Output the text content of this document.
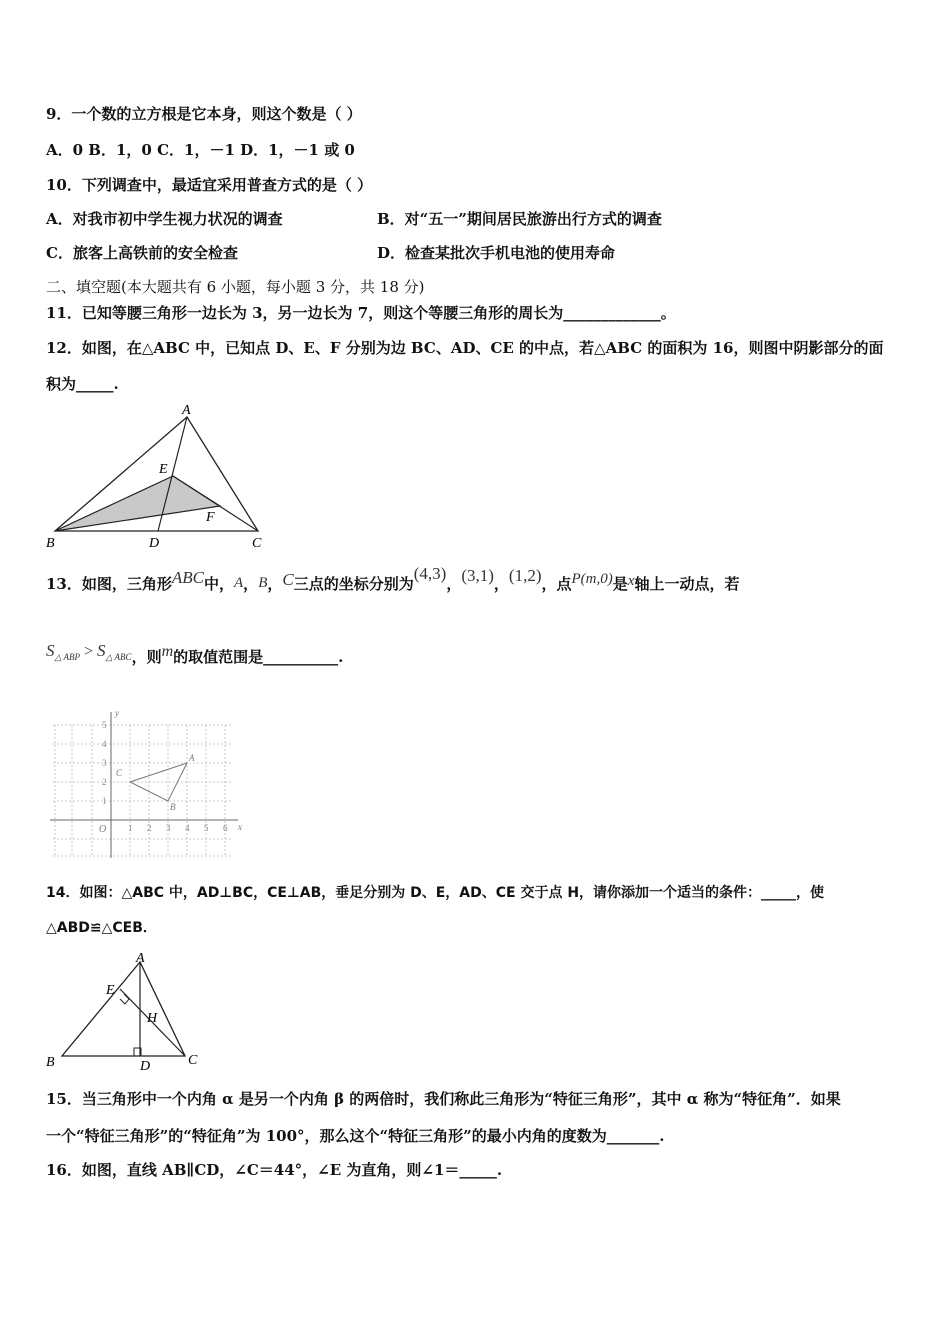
9．一个数的立方根是它本身，则这个数是（ ）
A．0 B．1，0 C．1，－1 D．1，－1 或 0
10．下列调查中，最适宜采用普查方式的是（ ）
A．对我市初中学生视力状况的调查	B．对“五一”期间居民旅游出行方式的调查
C．旅客上高铁前的安全检查	D．检查某批次手机电池的使用寿命
二、填空题(本大题共有 6 小题，每小题 3 分，共 18 分)
11．已知等腰三角形一边长为 3，另一边长为 7，则这个等腰三角形的周长为_____________。
12．如图，在△ABC 中，已知点 D、E、F 分别为边 BC、AD、CE 的中点，若△ABC 的面积为 16，则图中阴影部分的面
积为_____.
A
E
F
B	D	C
13．如图，三角形ABC中，A，B，C三点的坐标分别为(4,3)，(3,1)，(1,2)，点P(m,0)是x轴上一动点，若
S△ ABP > S△ ABC，则m的取值范围是__________.
y
x
O 1 2 3 4 5 6
1
2
3
4
5
A
B
C
14．如图：△ABC 中，AD⊥BC，CE⊥AB，垂足分别为 D、E，AD、CE 交于点 H，请你添加一个适当的条件：_____，使
△ABD≌△CEB．
A
E
H
B	D	C
15．当三角形中一个内角 α 是另一个内角 β 的两倍时，我们称此三角形为“特征三角形”，其中 α 称为“特征角”．如果
一个“特征三角形”的“特征角”为 100°，那么这个“特征三角形”的最小内角的度数为_______.
16．如图，直线 AB∥CD，∠C＝44°，∠E 为直角，则∠1＝_____.
